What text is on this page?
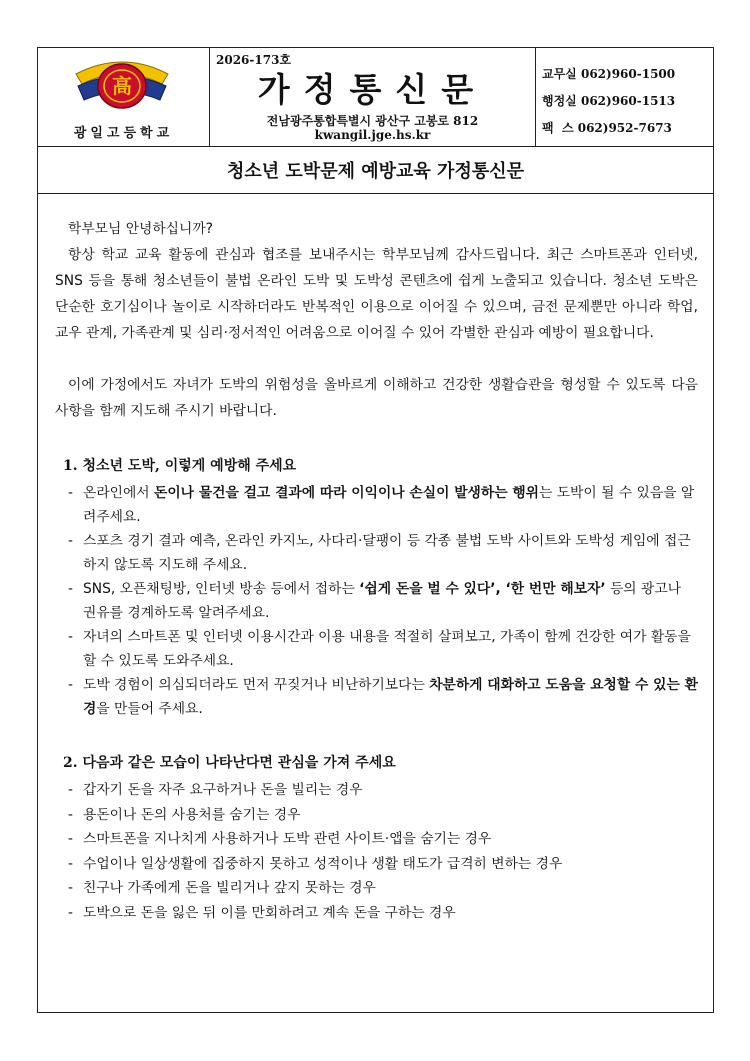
高
광일고등학교
2026-173호
가정통신문
전남광주통합특별시 광산구 고봉로 812
kwangil.jge.hs.kr
교무실 062)960-1500
행정실 062)960-1513
팩  스 062)952-7673
청소년 도박문제 예방교육 가정통신문
학부모님 안녕하십니까?
항상 학교 교육 활동에 관심과 협조를 보내주시는 학부모님께 감사드립니다. 최근 스마트폰과 인터넷, SNS 등을 통해 청소년들이 불법 온라인 도박 및 도박성 콘텐츠에 쉽게 노출되고 있습니다. 청소년 도박은 단순한 호기심이나 놀이로 시작하더라도 반복적인 이용으로 이어질 수 있으며, 금전 문제뿐만 아니라 학업, 교우 관계, 가족관계 및 심리·정서적인 어려움으로 이어질 수 있어 각별한 관심과 예방이 필요합니다.
이에 가정에서도 자녀가 도박의 위험성을 올바르게 이해하고 건강한 생활습관을 형성할 수 있도록 다음 사항을 함께 지도해 주시기 바랍니다.
1. 청소년 도박, 이렇게 예방해 주세요
- 온라인에서 돈이나 물건을 걸고 결과에 따라 이익이나 손실이 발생하는 행위는 도박이 될 수 있음을 알려주세요.
- 스포츠 경기 결과 예측, 온라인 카지노, 사다리·달팽이 등 각종 불법 도박 사이트와 도박성 게임에 접근하지 않도록 지도해 주세요.
- SNS, 오픈채팅방, 인터넷 방송 등에서 접하는 ‘쉽게 돈을 벌 수 있다’, ‘한 번만 해보자’ 등의 광고나 권유를 경계하도록 알려주세요.
- 자녀의 스마트폰 및 인터넷 이용시간과 이용 내용을 적절히 살펴보고, 가족이 함께 건강한 여가 활동을 할 수 있도록 도와주세요.
- 도박 경험이 의심되더라도 먼저 꾸짖거나 비난하기보다는 차분하게 대화하고 도움을 요청할 수 있는 환경을 만들어 주세요.
2. 다음과 같은 모습이 나타난다면 관심을 가져 주세요
- 갑자기 돈을 자주 요구하거나 돈을 빌리는 경우
- 용돈이나 돈의 사용처를 숨기는 경우
- 스마트폰을 지나치게 사용하거나 도박 관련 사이트·앱을 숨기는 경우
- 수업이나 일상생활에 집중하지 못하고 성적이나 생활 태도가 급격히 변하는 경우
- 친구나 가족에게 돈을 빌리거나 갚지 못하는 경우
- 도박으로 돈을 잃은 뒤 이를 만회하려고 계속 돈을 구하는 경우
